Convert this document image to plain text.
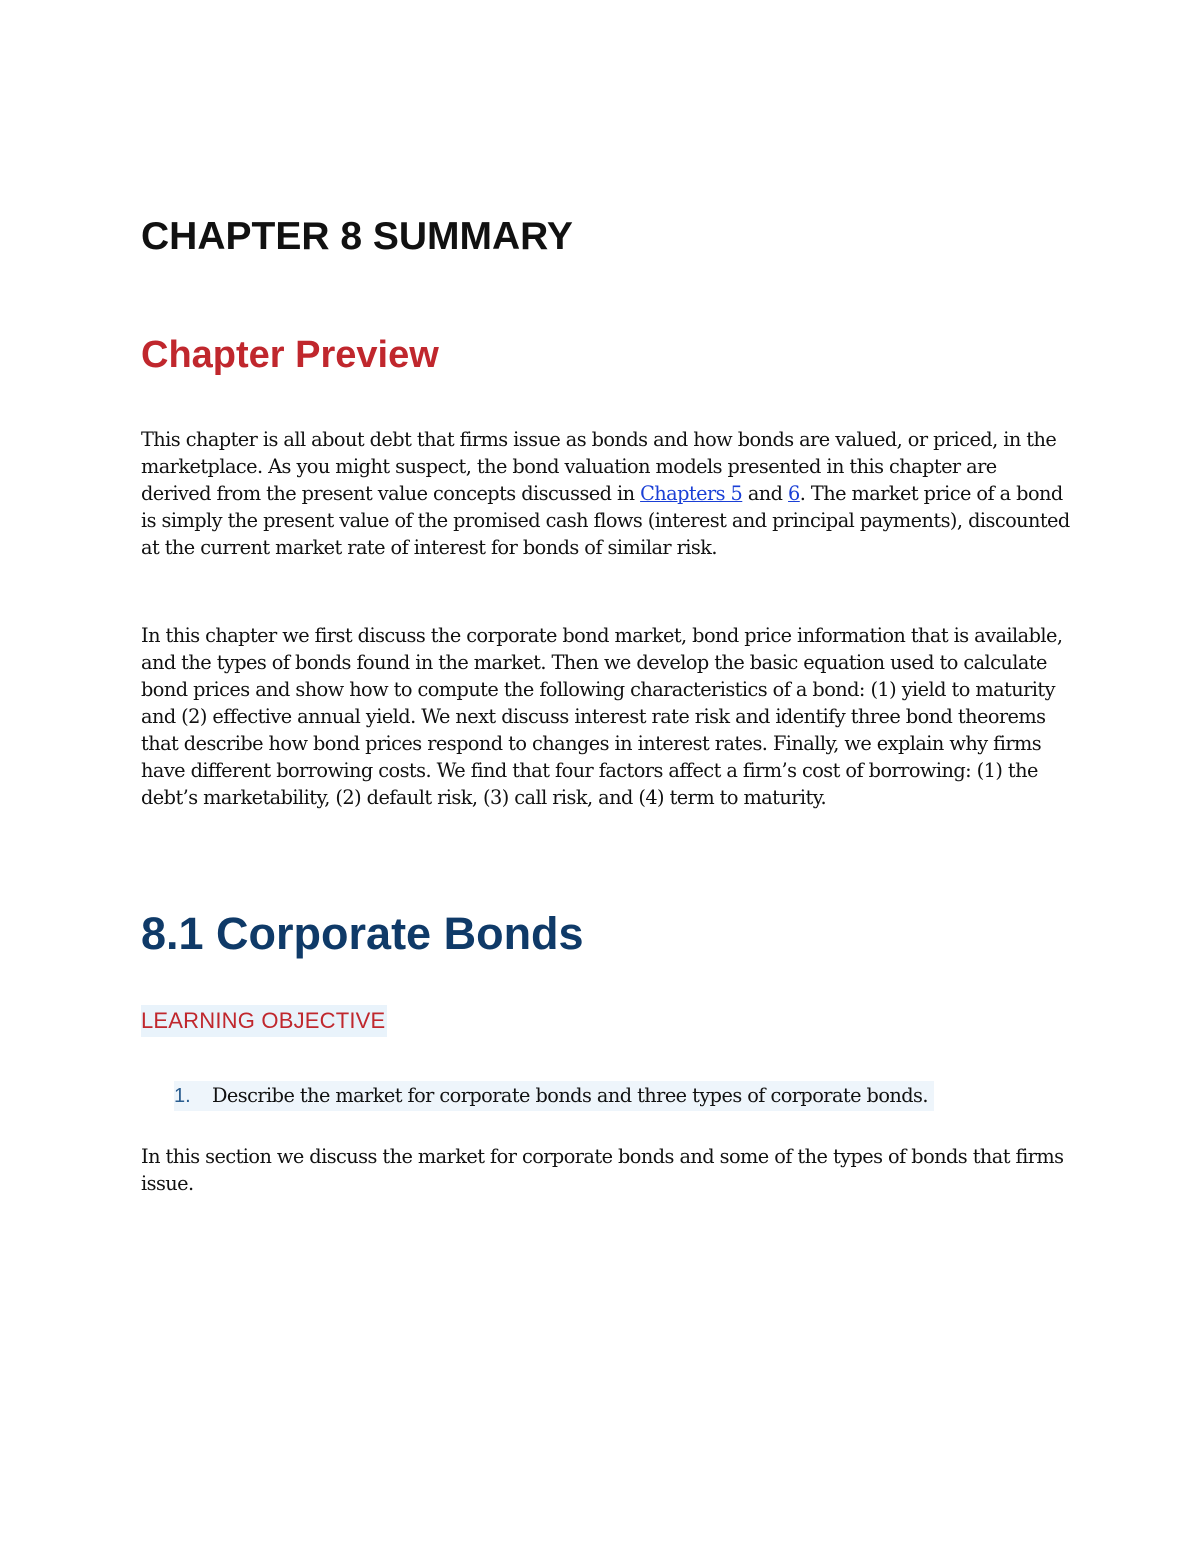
CHAPTER 8 SUMMARY
Chapter Preview

This chapter is all about debt that firms issue as bonds and how bonds are valued, or priced, in the marketplace. As you might suspect, the bond valuation models presented in this chapter are derived from the present value concepts discussed in Chapters 5 and 6. The market price of a bond is simply the present value of the promised cash flows (interest and principal payments), discounted at the current market rate of interest for bonds of similar risk.

In this chapter we first discuss the corporate bond market, bond price information that is available, and the types of bonds found in the market. Then we develop the basic equation used to calculate bond prices and show how to compute the following characteristics of a bond: (1) yield to maturity and (2) effective annual yield. We next discuss interest rate risk and identify three bond theorems that describe how bond prices respond to changes in interest rates. Finally, we explain why firms have different borrowing costs. We find that four factors affect a firm’s cost of borrowing: (1) the debt’s marketability, (2) default risk, (3) call risk, and (4) term to maturity.

8.1 Corporate Bonds
LEARNING OBJECTIVE
1. Describe the market for corporate bonds and three types of corporate bonds.

In this section we discuss the market for corporate bonds and some of the types of bonds that firms issue.
